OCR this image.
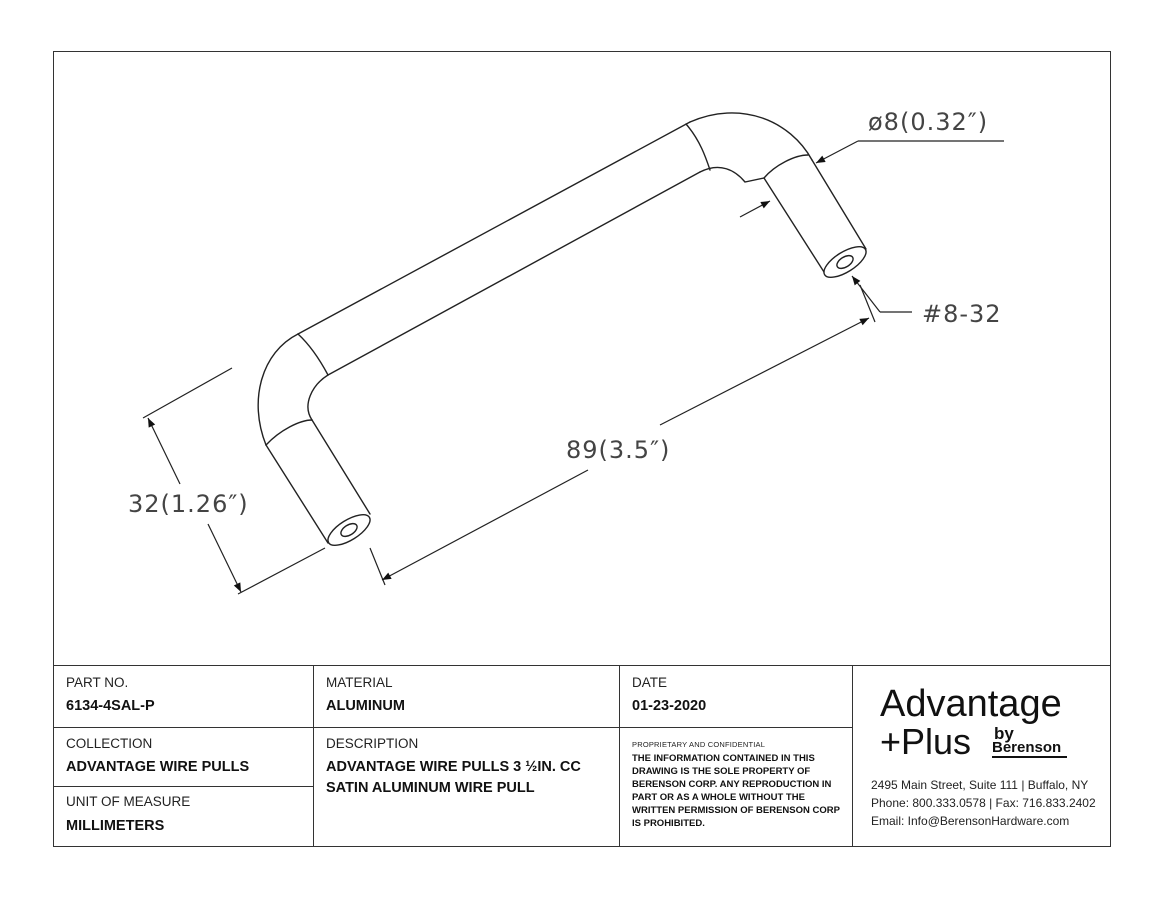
ø8(0.32″)
#8-32
89(3.5″)
32(1.26″)
PART NO.
6134-4SAL-P
MATERIAL
ALUMINUM
DATE
01-23-2020
COLLECTION
ADVANTAGE WIRE PULLS
UNIT OF MEASURE
MILLIMETERS
DESCRIPTION
ADVANTAGE WIRE PULLS 3 ½IN. CC
SATIN ALUMINUM WIRE PULL
PROPRIETARY AND CONFIDENTIAL
THE INFORMATION CONTAINED IN THIS DRAWING IS THE SOLE PROPERTY OF BERENSON CORP. ANY REPRODUCTION IN PART OR AS A WHOLE WITHOUT THE WRITTEN PERMISSION OF BERENSON CORP IS PROHIBITED.
Advantage
+Plus by
Berenson
2495 Main Street, Suite 111 | Buffalo, NY
Phone: 800.333.0578 | Fax: 716.833.2402
Email: Info@BerensonHardware.com
